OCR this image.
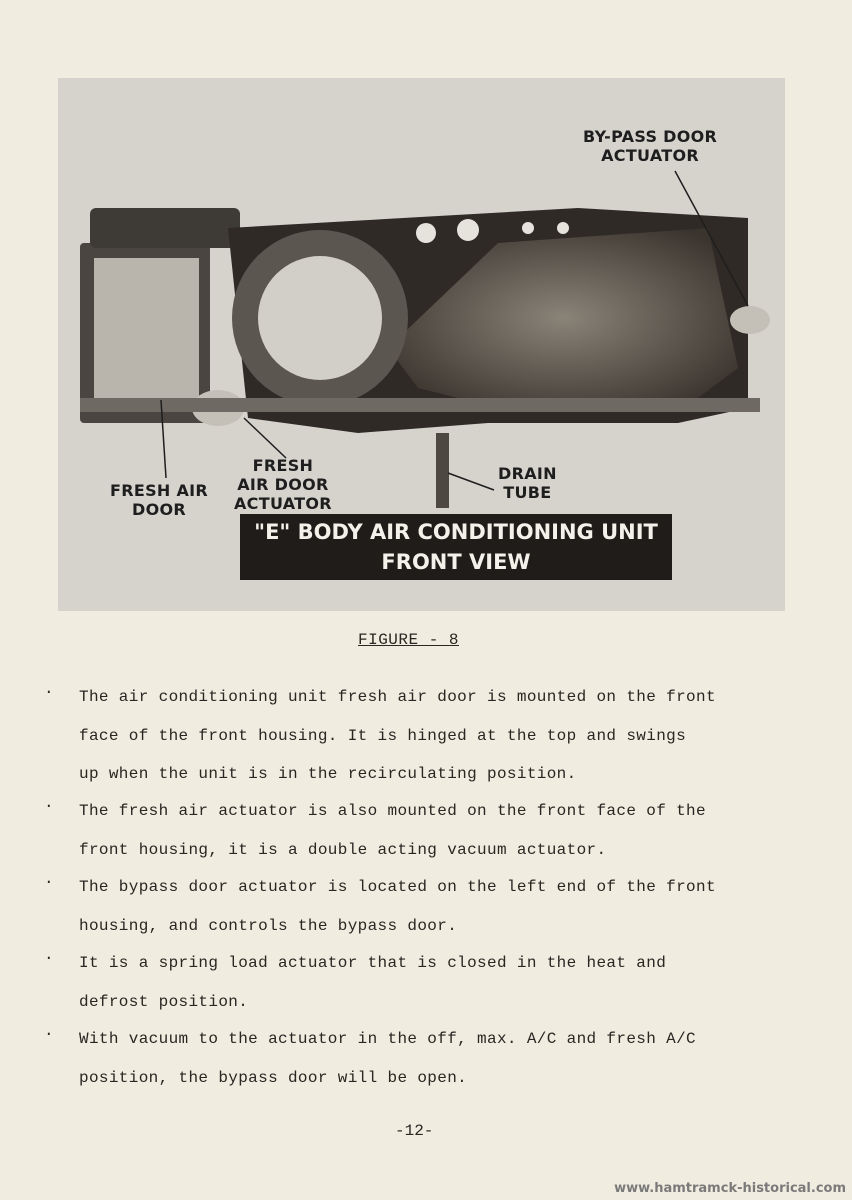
BY-PASS DOOR
ACTUATOR
FRESH AIR
DOOR
FRESH
AIR DOOR
ACTUATOR
DRAIN
TUBE
"E" BODY AIR CONDITIONING UNIT
FRONT VIEW
FIGURE - 8
. The air conditioning unit fresh air door is mounted on the front
face of the front housing. It is hinged at the top and swings
up when the unit is in the recirculating position.
. The fresh air actuator is also mounted on the front face of the
front housing, it is a double acting vacuum actuator.
. The bypass door actuator is located on the left end of the front
housing, and controls the bypass door.
. It is a spring load actuator that is closed in the heat and
defrost position.
. With vacuum to the actuator in the off, max. A/C and fresh A/C
position, the bypass door will be open.
-12-
www.hamtramck-historical.com
